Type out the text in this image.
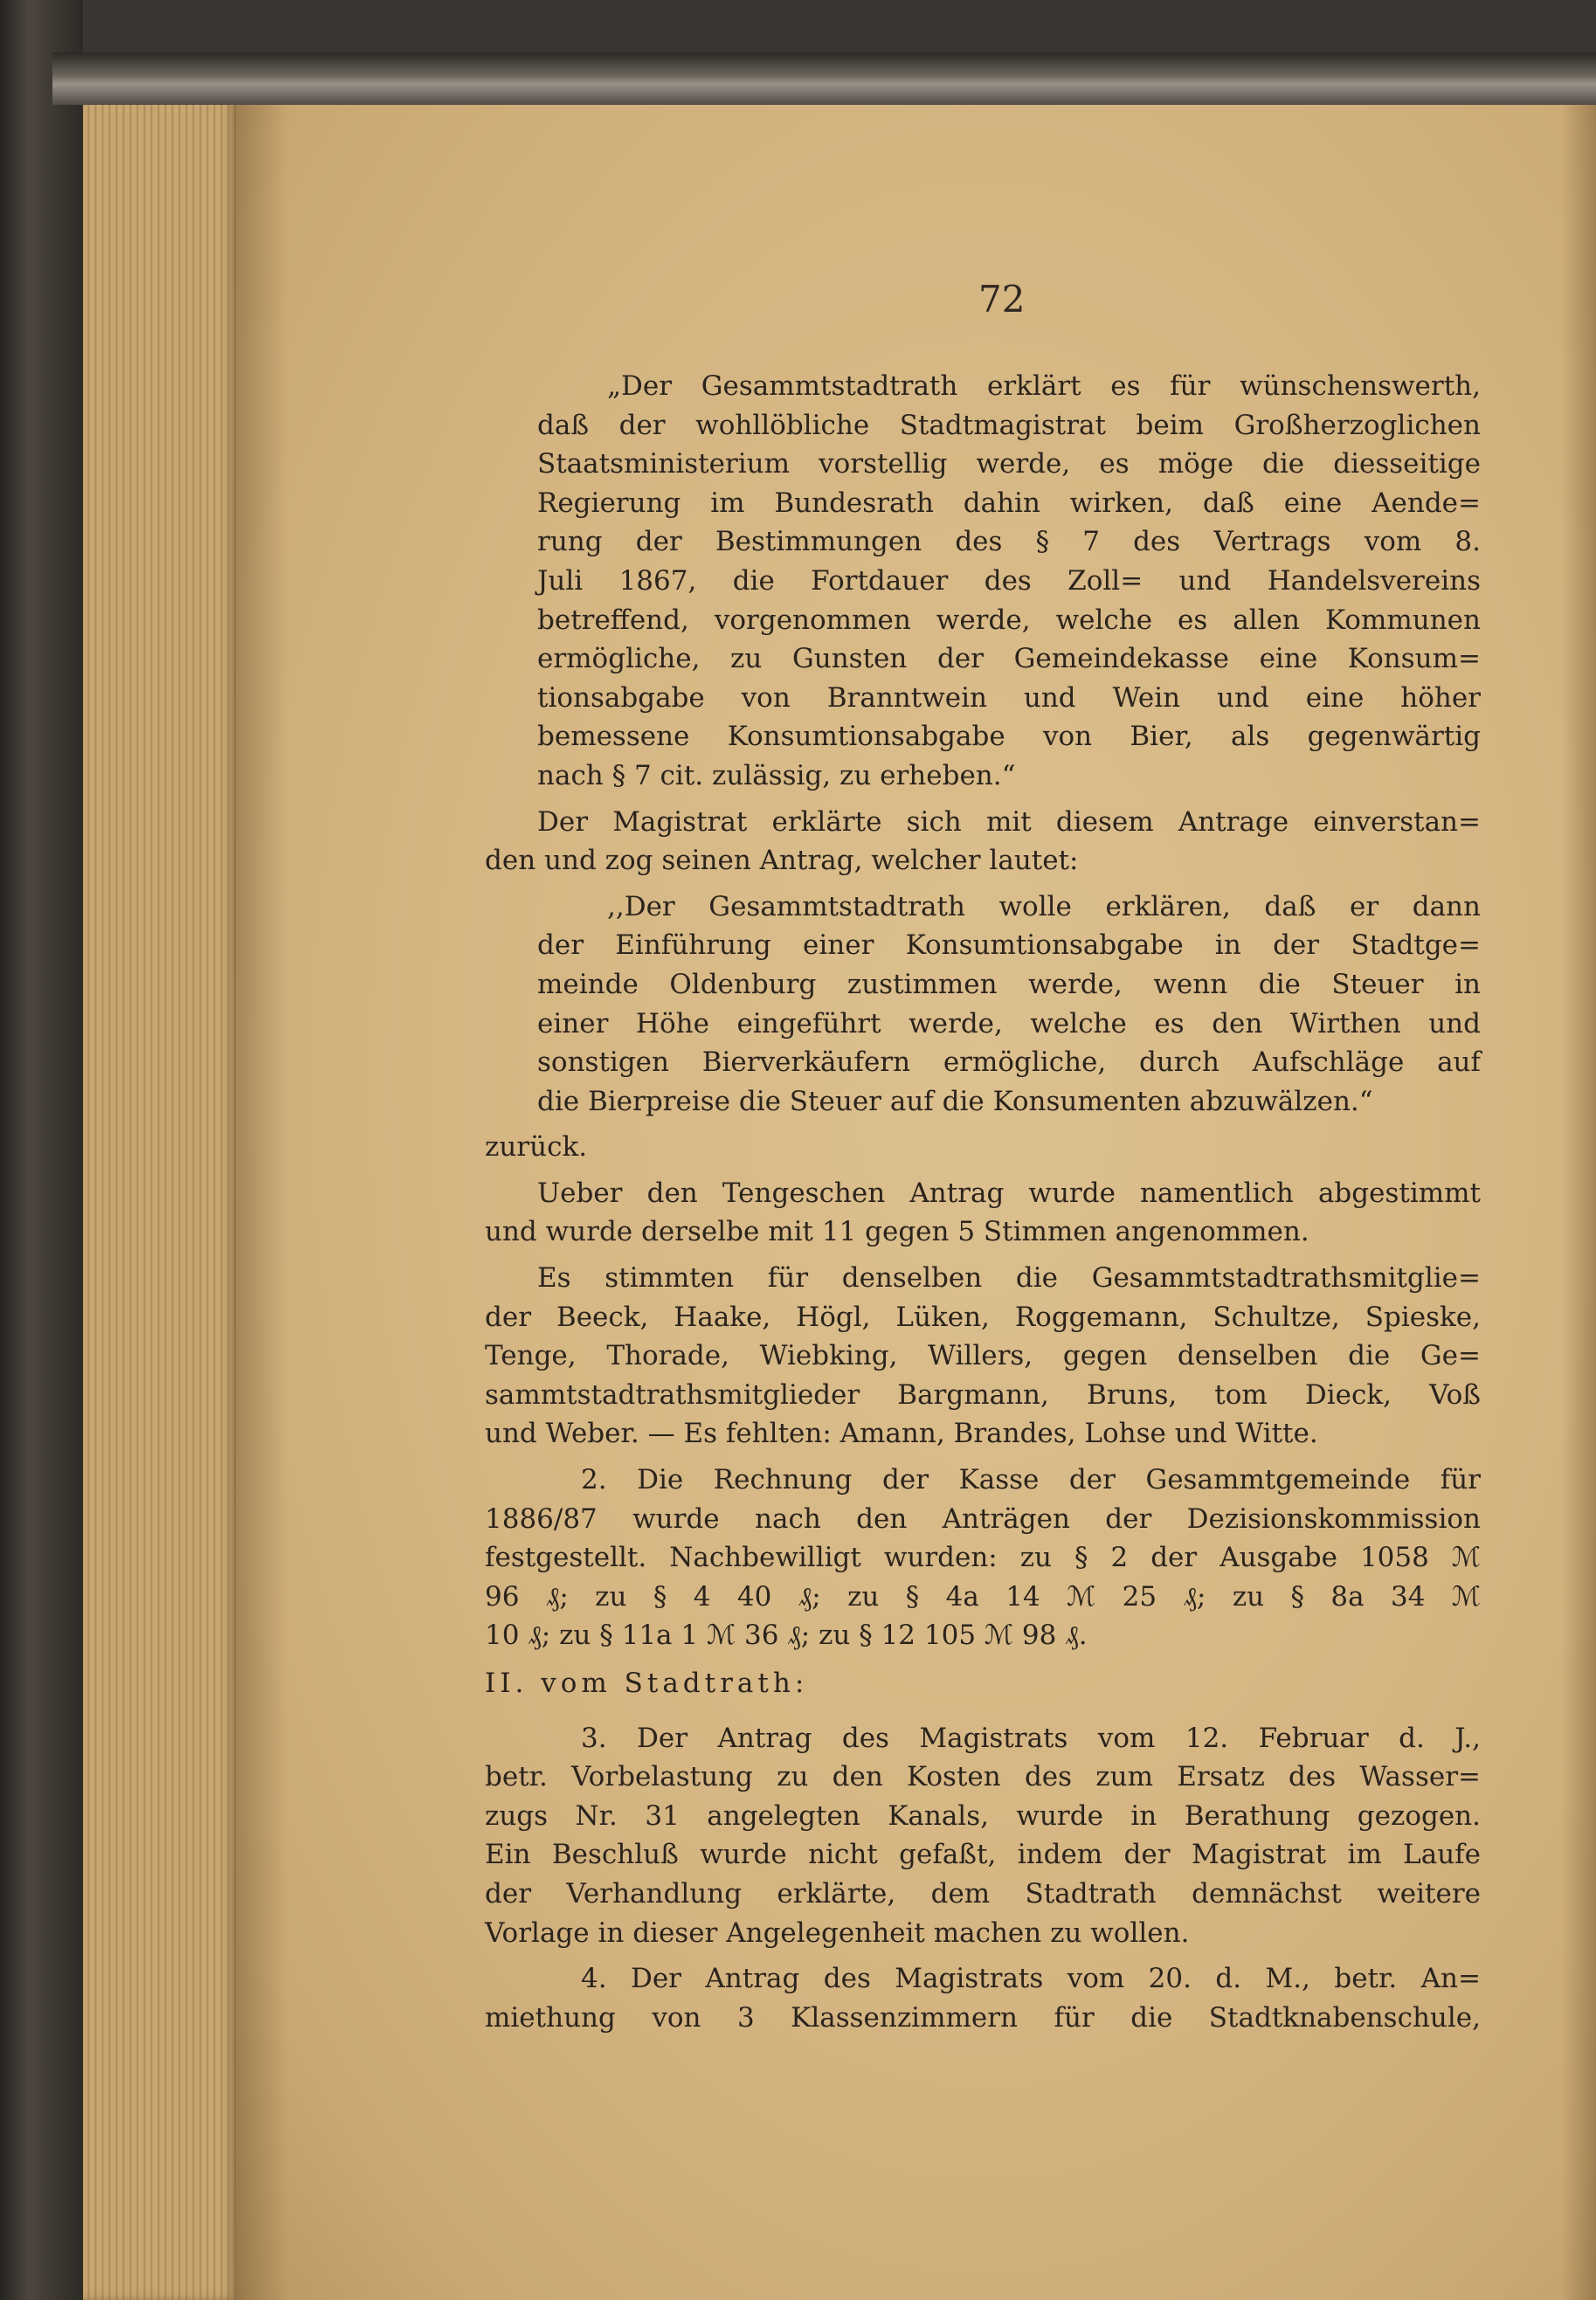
72

„Der Gesammtstadtrath erklärt es für wünschenswerth,
daß der wohllöbliche Stadtmagistrat beim Großherzoglichen
Staatsministerium vorstellig werde, es möge die diesseitige
Regierung im Bundesrath dahin wirken, daß eine Aende=
rung der Bestimmungen des § 7 des Vertrags vom 8.
Juli 1867, die Fortdauer des Zoll= und Handelsvereins
betreffend, vorgenommen werde, welche es allen Kommunen
ermögliche, zu Gunsten der Gemeindekasse eine Konsum=
tionsabgabe von Branntwein und Wein und eine höher
bemessene Konsumtionsabgabe von Bier, als gegenwärtig
nach § 7 cit. zulässig, zu erheben.“

Der Magistrat erklärte sich mit diesem Antrage einverstan=
den und zog seinen Antrag, welcher lautet:

,,Der Gesammtstadtrath wolle erklären, daß er dann
der Einführung einer Konsumtionsabgabe in der Stadtge=
meinde Oldenburg zustimmen werde, wenn die Steuer in
einer Höhe eingeführt werde, welche es den Wirthen und
sonstigen Bierverkäufern ermögliche, durch Aufschläge auf
die Bierpreise die Steuer auf die Konsumenten abzuwälzen.“

zurück.

Ueber den Tengeschen Antrag wurde namentlich abgestimmt
und wurde derselbe mit 11 gegen 5 Stimmen angenommen.

Es stimmten für denselben die Gesammtstadtrathsmitglie=
der Beeck, Haake, Högl, Lüken, Roggemann, Schultze, Spieske,
Tenge, Thorade, Wiebking, Willers, gegen denselben die Ge=
sammtstadtrathsmitglieder Bargmann, Bruns, tom Dieck, Voß
und Weber. — Es fehlten: Amann, Brandes, Lohse und Witte.

2. Die Rechnung der Kasse der Gesammtgemeinde für
1886/87 wurde nach den Anträgen der Dezisionskommission
festgestellt. Nachbewilligt wurden: zu § 2 der Ausgabe 1058 ℳ
96 ₰; zu § 4 40 ₰; zu § 4a 14 ℳ 25 ₰; zu § 8a 34 ℳ
10 ₰; zu § 11a 1 ℳ 36 ₰; zu § 12 105 ℳ 98 ₰.

II. vom Stadtrath:

3. Der Antrag des Magistrats vom 12. Februar d. J.,
betr. Vorbelastung zu den Kosten des zum Ersatz des Wasser=
zugs Nr. 31 angelegten Kanals, wurde in Berathung gezogen.
Ein Beschluß wurde nicht gefaßt, indem der Magistrat im Laufe
der Verhandlung erklärte, dem Stadtrath demnächst weitere
Vorlage in dieser Angelegenheit machen zu wollen.

4. Der Antrag des Magistrats vom 20. d. M., betr. An=
miethung von 3 Klassenzimmern für die Stadtknabenschule,
